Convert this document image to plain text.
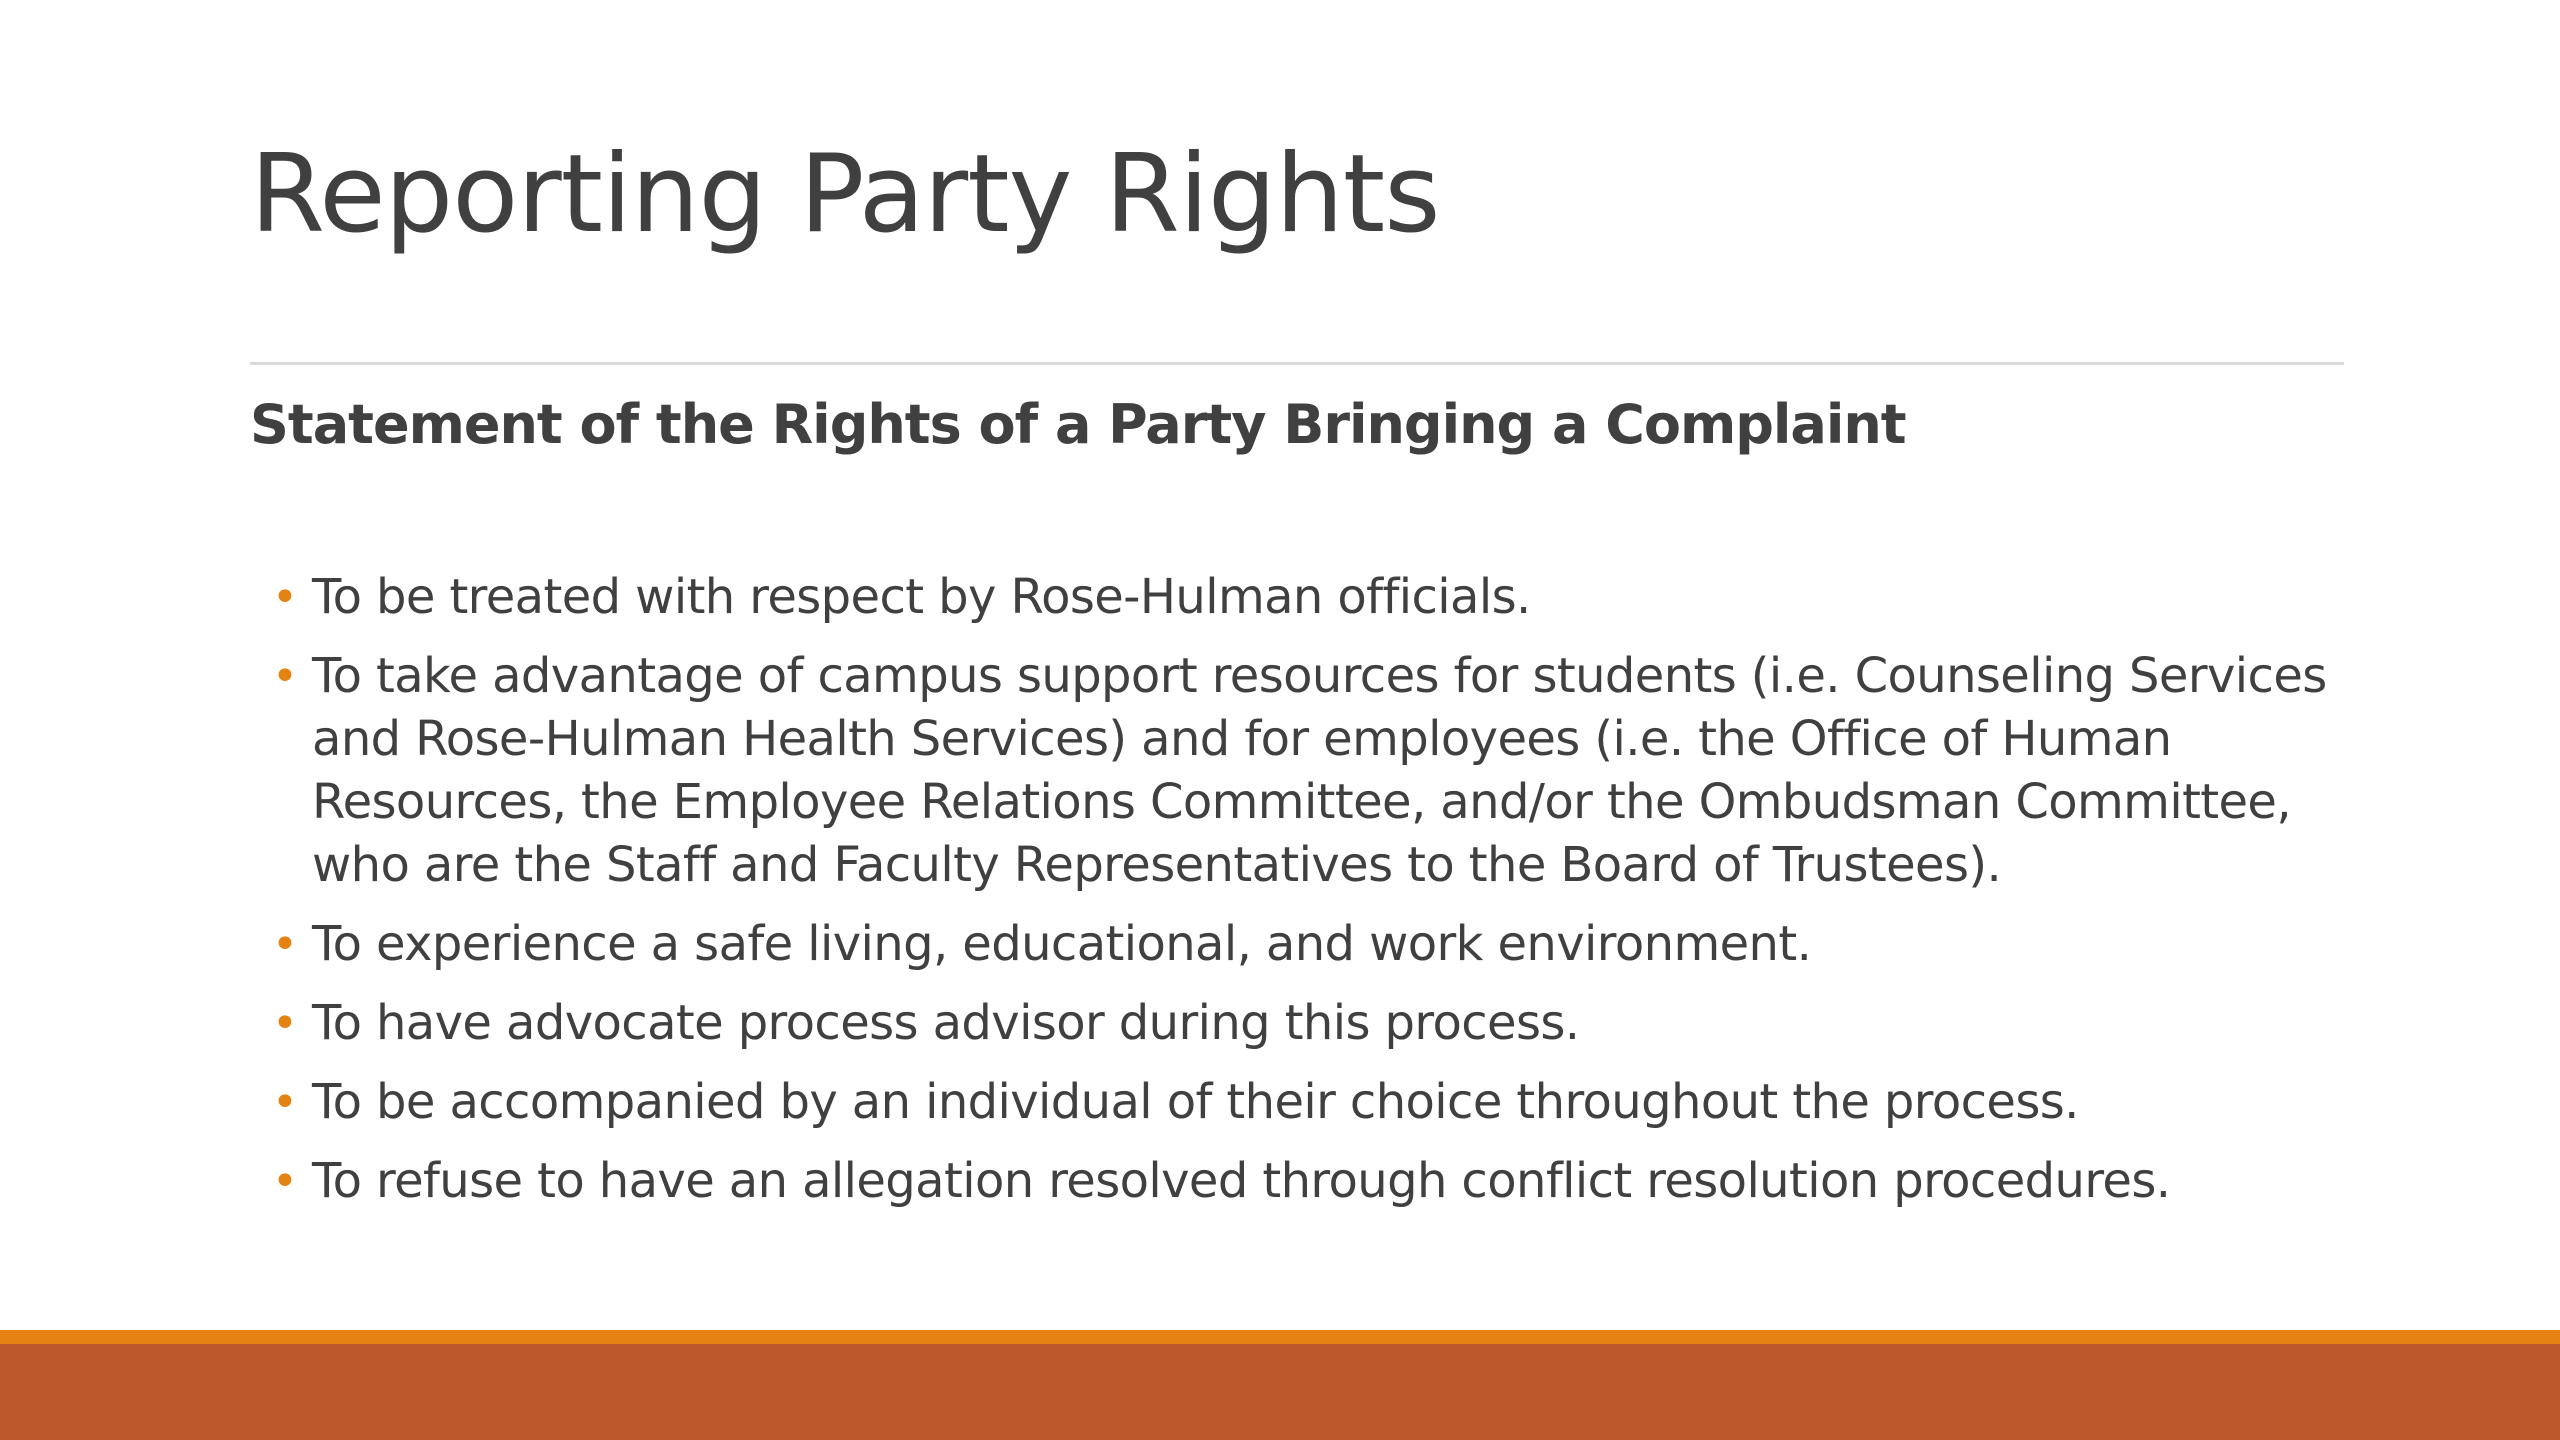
Reporting Party Rights
Statement of the Rights of a Party Bringing a Complaint
• To be treated with respect by Rose-Hulman officials.
• To take advantage of campus support resources for students (i.e. Counseling Services and Rose-Hulman Health Services) and for employees (i.e. the Office of Human Resources, the Employee Relations Committee, and/or the Ombudsman Committee, who are the Staff and Faculty Representatives to the Board of Trustees).
• To experience a safe living, educational, and work environment.
• To have advocate process advisor during this process.
• To be accompanied by an individual of their choice throughout the process.
• To refuse to have an allegation resolved through conflict resolution procedures.
